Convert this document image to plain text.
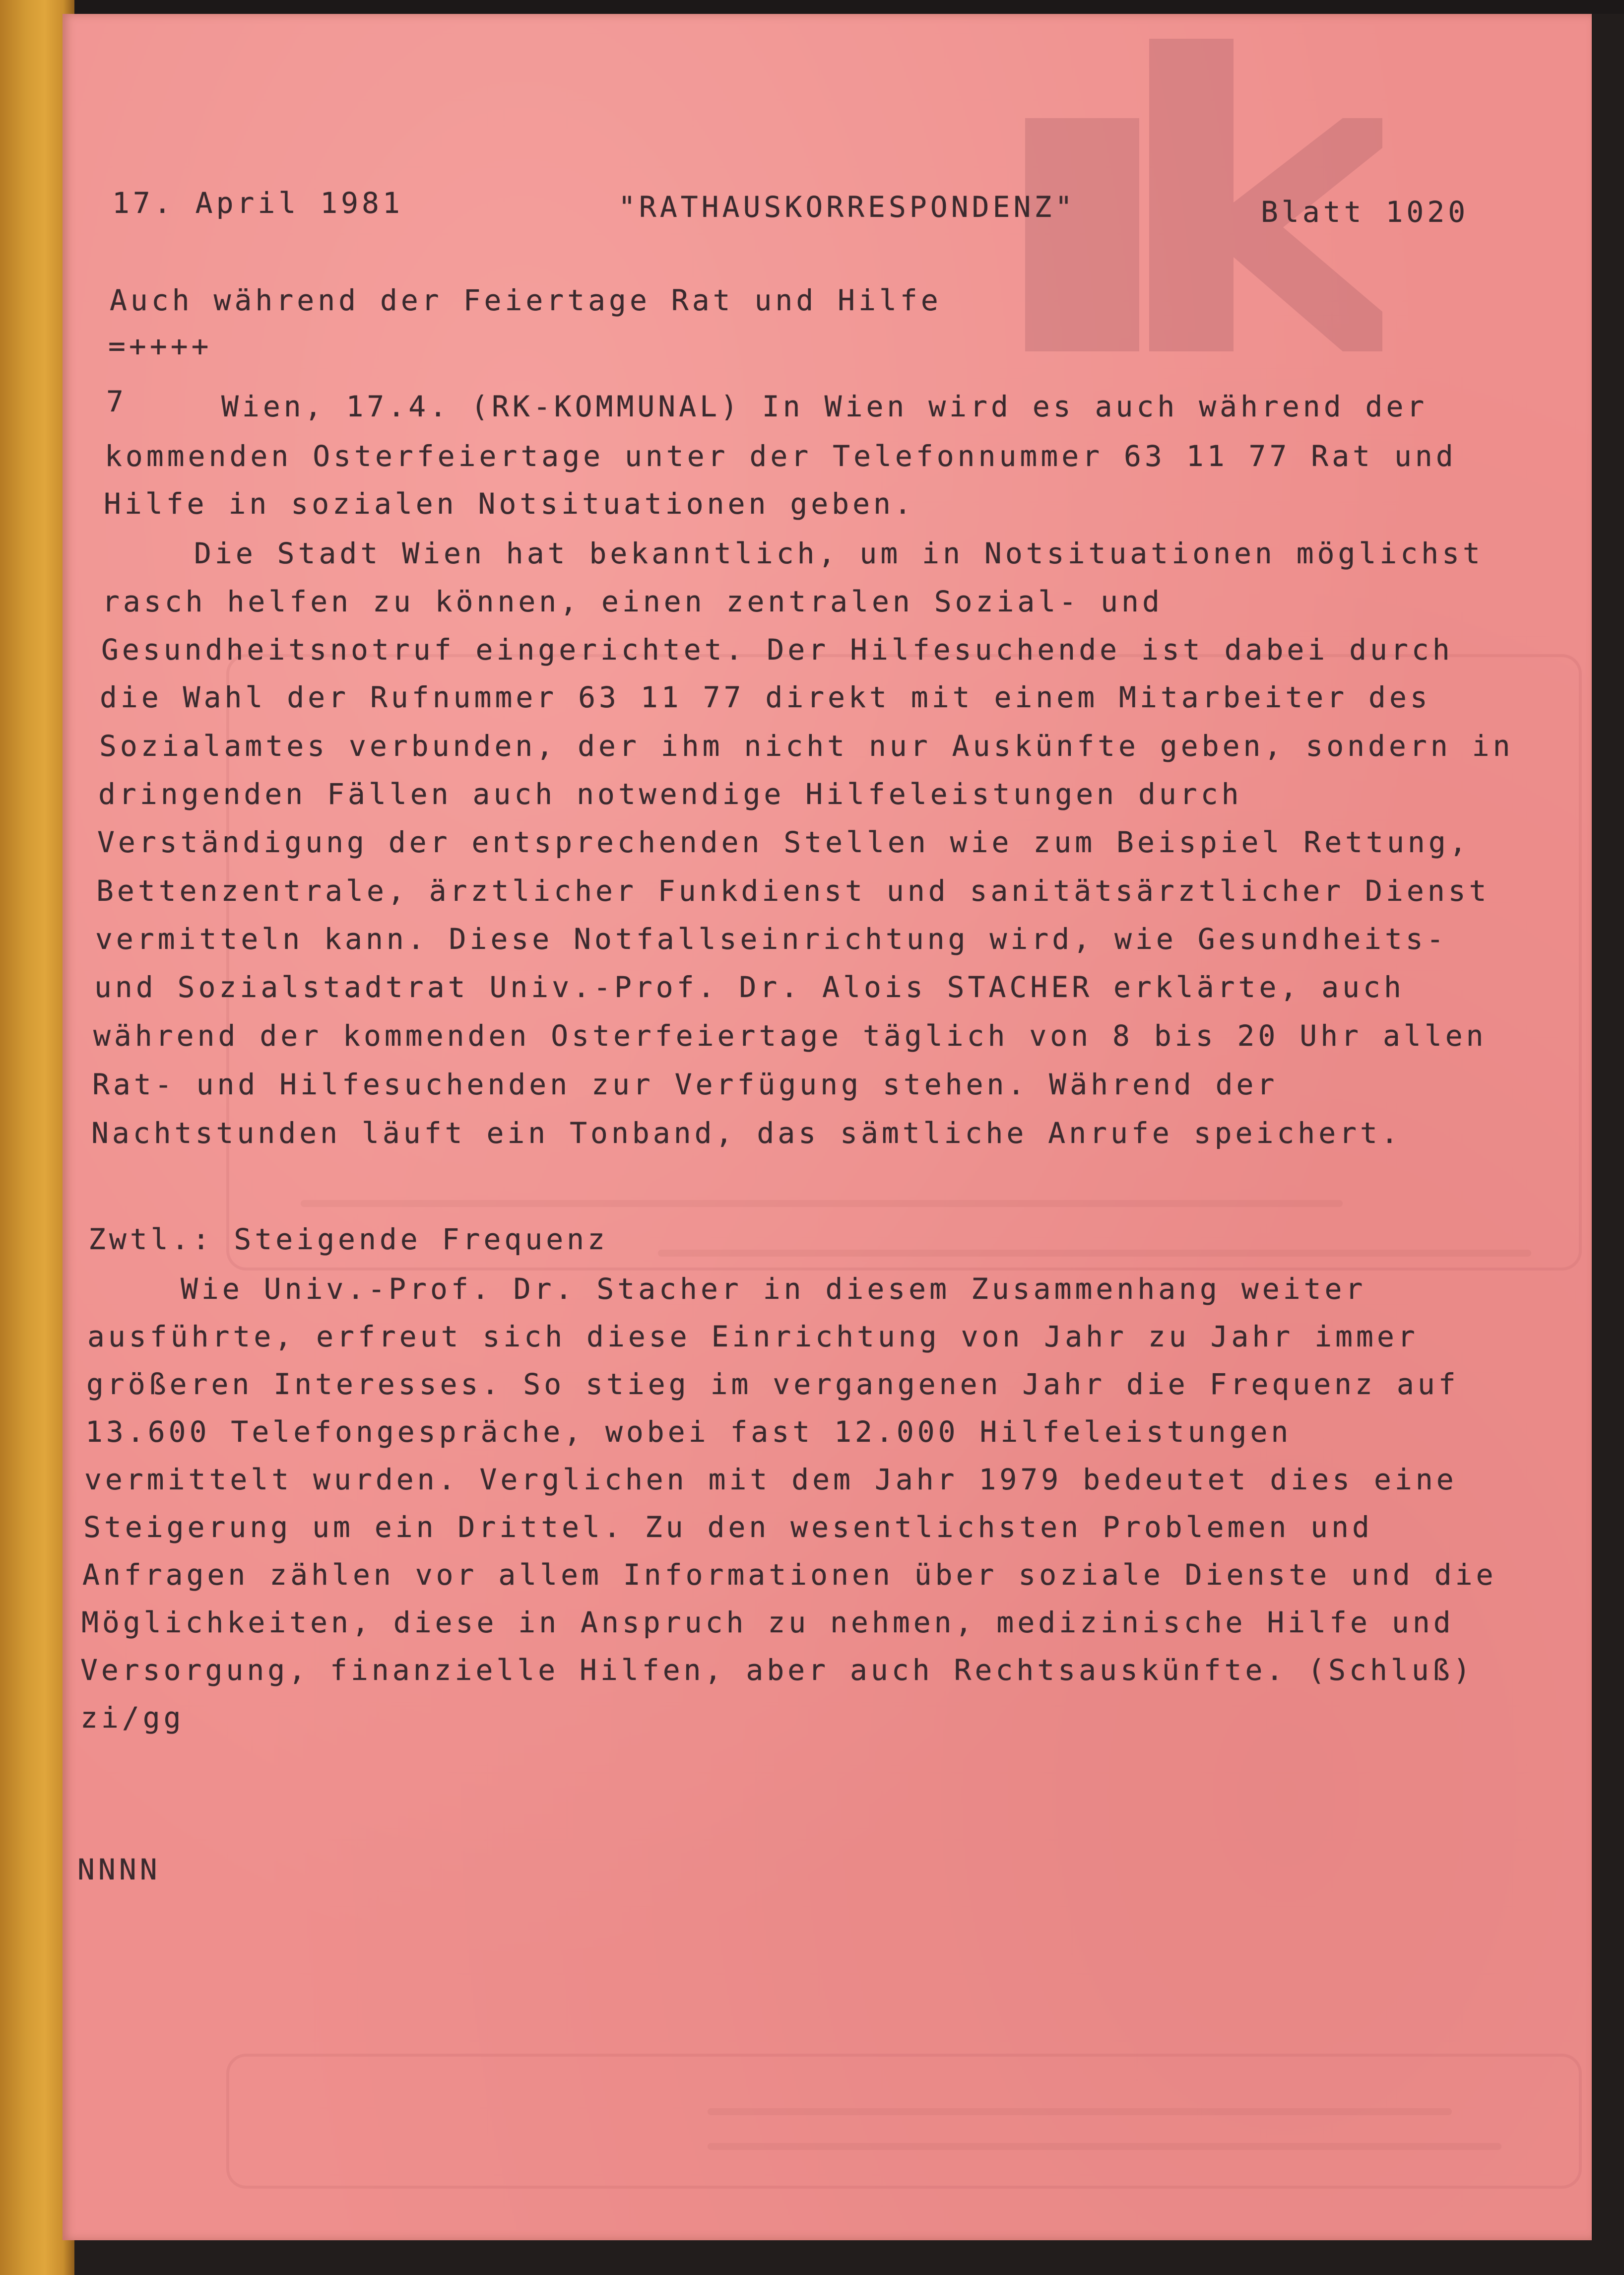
17. April 1981	"RATHAUSKORRESPONDENZ"	Blatt 1020
Auch während der Feiertage Rat und Hilfe
=++++
7	Wien, 17.4. (RK-KOMMUNAL) In Wien wird es auch während der
kommenden Osterfeiertage unter der Telefonnummer 63 11 77 Rat und
Hilfe in sozialen Notsituationen geben.
Die Stadt Wien hat bekanntlich, um in Notsituationen möglichst
rasch helfen zu können, einen zentralen Sozial- und
Gesundheitsnotruf eingerichtet. Der Hilfesuchende ist dabei durch
die Wahl der Rufnummer 63 11 77 direkt mit einem Mitarbeiter des
Sozialamtes verbunden, der ihm nicht nur Auskünfte geben, sondern in
dringenden Fällen auch notwendige Hilfeleistungen durch
Verständigung der entsprechenden Stellen wie zum Beispiel Rettung,
Bettenzentrale, ärztlicher Funkdienst und sanitätsärztlicher Dienst
vermitteln kann. Diese Notfallseinrichtung wird, wie Gesundheits-
und Sozialstadtrat Univ.-Prof. Dr. Alois STACHER erklärte, auch
während der kommenden Osterfeiertage täglich von 8 bis 20 Uhr allen
Rat- und Hilfesuchenden zur Verfügung stehen. Während der
Nachtstunden läuft ein Tonband, das sämtliche Anrufe speichert.
Zwtl.: Steigende Frequenz
Wie Univ.-Prof. Dr. Stacher in diesem Zusammenhang weiter
ausführte, erfreut sich diese Einrichtung von Jahr zu Jahr immer
größeren Interesses. So stieg im vergangenen Jahr die Frequenz auf
13.600 Telefongespräche, wobei fast 12.000 Hilfeleistungen
vermittelt wurden. Verglichen mit dem Jahr 1979 bedeutet dies eine
Steigerung um ein Drittel. Zu den wesentlichsten Problemen und
Anfragen zählen vor allem Informationen über soziale Dienste und die
Möglichkeiten, diese in Anspruch zu nehmen, medizinische Hilfe und
Versorgung, finanzielle Hilfen, aber auch Rechtsauskünfte. (Schluß)
zi/gg
NNNN
